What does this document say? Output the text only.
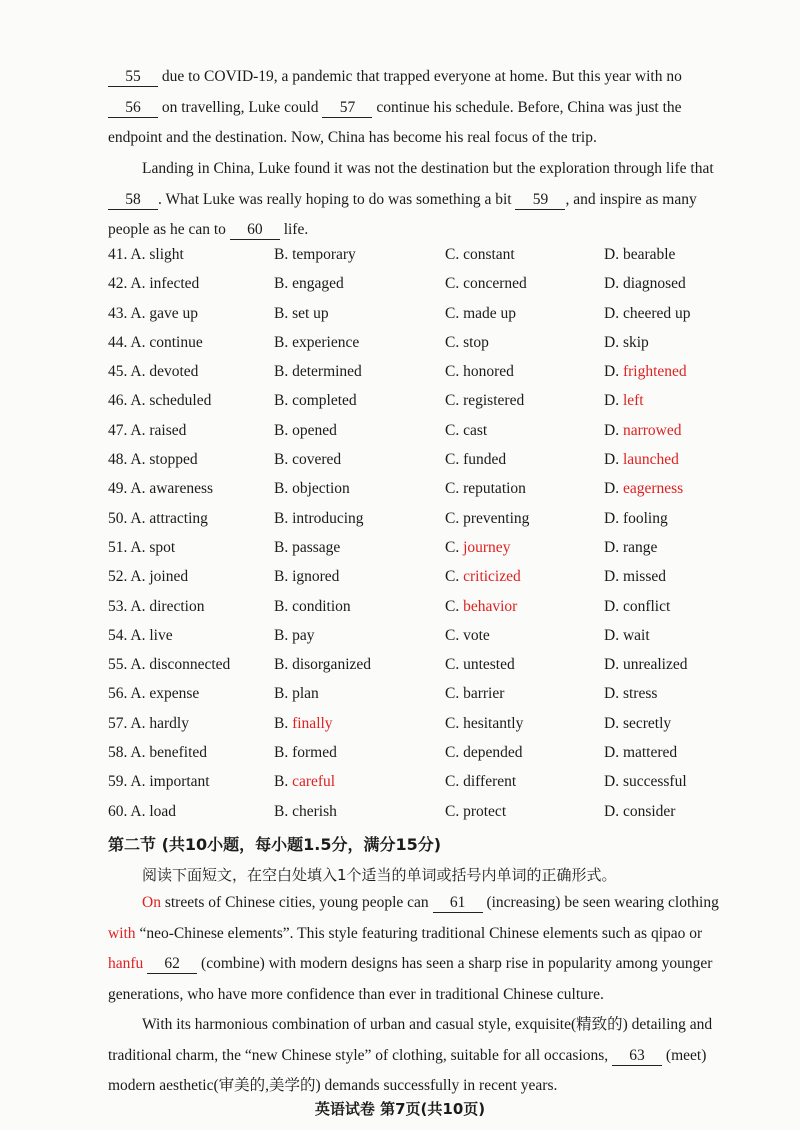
55 due to COVID-19, a pandemic that trapped everyone at home. But this year with no
56 on travelling, Luke could 57 continue his schedule. Before, China was just the
endpoint and the destination. Now, China has become his real focus of the trip.
Landing in China, Luke found it was not the destination but the exploration through life that
58 . What Luke was really hoping to do was something a bit 59 , and inspire as many
people as he can to 60 life.
41. A. slight	B. temporary	C. constant	D. bearable
42. A. infected	B. engaged	C. concerned	D. diagnosed
43. A. gave up	B. set up	C. made up	D. cheered up
44. A. continue	B. experience	C. stop	D. skip
45. A. devoted	B. determined	C. honored	D. frightened
46. A. scheduled	B. completed	C. registered	D. left
47. A. raised	B. opened	C. cast	D. narrowed
48. A. stopped	B. covered	C. funded	D. launched
49. A. awareness	B. objection	C. reputation	D. eagerness
50. A. attracting	B. introducing	C. preventing	D. fooling
51. A. spot	B. passage	C. journey	D. range
52. A. joined	B. ignored	C. criticized	D. missed
53. A. direction	B. condition	C. behavior	D. conflict
54. A. live	B. pay	C. vote	D. wait
55. A. disconnected	B. disorganized	C. untested	D. unrealized
56. A. expense	B. plan	C. barrier	D. stress
57. A. hardly	B. finally	C. hesitantly	D. secretly
58. A. benefited	B. formed	C. depended	D. mattered
59. A. important	B. careful	C. different	D. successful
60. A. load	B. cherish	C. protect	D. consider
第二节 (共10小题，每小题1.5分，满分15分)
阅读下面短文，在空白处填入1个适当的单词或括号内单词的正确形式。
On streets of Chinese cities, young people can 61 (increasing) be seen wearing clothing
with “neo-Chinese elements”. This style featuring traditional Chinese elements such as qipao or
hanfu 62 (combine) with modern designs has seen a sharp rise in popularity among younger
generations, who have more confidence than ever in traditional Chinese culture.
With its harmonious combination of urban and casual style, exquisite(精致的) detailing and
traditional charm, the “new Chinese style” of clothing, suitable for all occasions, 63 (meet)
modern aesthetic(审美的,美学的) demands successfully in recent years.
英语试卷 第7页(共10页)
